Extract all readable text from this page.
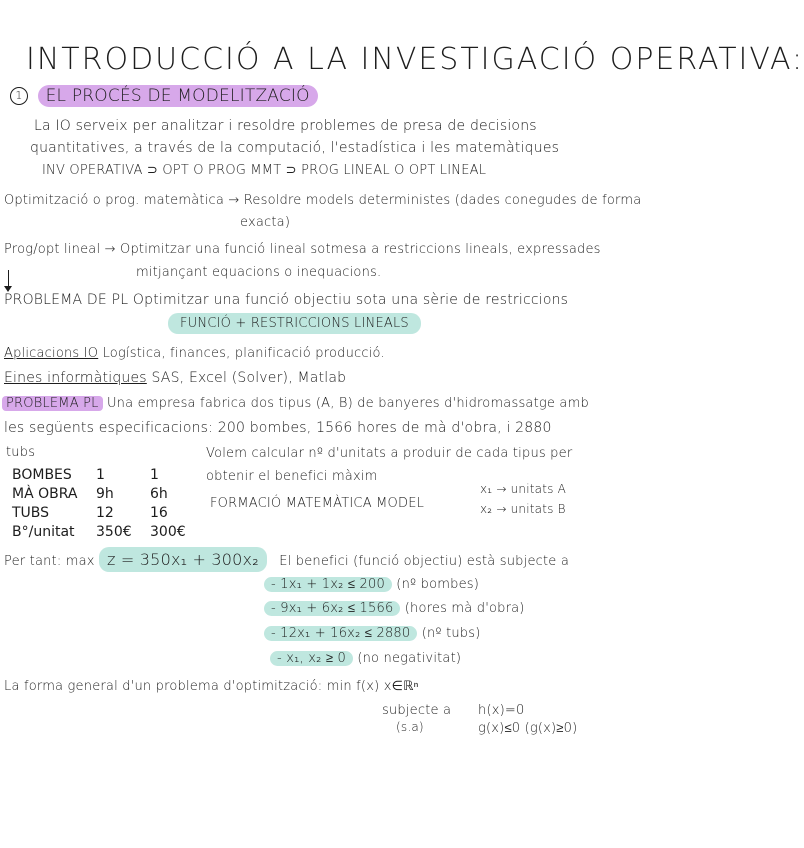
INTRODUCCIÓ A LA INVESTIGACIÓ OPERATIVA:
1 EL PROCÉS DE MODELITZACIÓ
La IO serveix per analitzar i resoldre problemes de presa de decisions
quantitatives, a través de la computació, l'estadística i les matemàtiques
INV OPERATIVA ⊃ OPT O PROG MMT ⊃ PROG LINEAL O OPT LINEAL
Optimització o prog. matemàtica → Resoldre models deterministes (dades conegudes de forma
exacta)
Prog/opt lineal → Optimitzar una funció lineal sotmesa a restriccions lineals, expressades
mitjançant equacions o inequacions.
PROBLEMA DE PL Optimitzar una funció objectiu sota una sèrie de restriccions
FUNCIÓ + RESTRICCIONS LINEALS
Aplicacions IO Logística, finances, planificació producció.
Eines informàtiques SAS, Excel (Solver), Matlab
PROBLEMA PL Una empresa fabrica dos tipus (A, B) de banyeres d'hidromassatge amb
les següents especificacions: 200 bombes, 1566 hores de mà d'obra, i 2880
tubs	Volem calcular nº d'unitats a produir de cada tipus per
obtenir el benefici màxim
FORMACIÓ MATEMÀTICA MODEL
x₁ → unitats A
x₂ → unitats B
BOMBES
MÀ OBRA
TUBS
B°/unitat
1
9h
12
350€
1
6h
16
300€
Per tant: max z = 350x₁ + 300x₂ El benefici (funció objectiu) està subjecte a
- 1x₁ + 1x₂ ≤ 200 (nº bombes)
- 9x₁ + 6x₂ ≤ 1566 (hores mà d'obra)
- 12x₁ + 16x₂ ≤ 2880 (nº tubs)
- x₁, x₂ ≥ 0 (no negativitat)
La forma general d'un problema d'optimització: min f(x) x∈ℝⁿ
subjecte a
(s.a)
h(x)=0
g(x)≤0 (g(x)≥0)
